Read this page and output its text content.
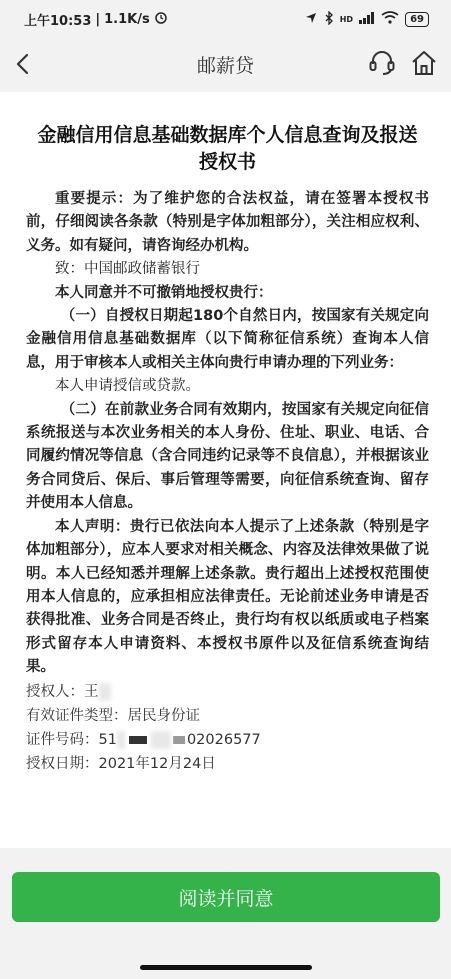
上午10:53 | 1.1K/s	HD	69
邮薪贷
金融信用信息基础数据库个人信息查询及报送授权书

重要提示：为了维护您的合法权益，请在签署本授权书前，仔细阅读各条款（特别是字体加粗部分），关注相应权利、义务。如有疑问，请咨询经办机构。

致：中国邮政储蓄银行

本人同意并不可撤销地授权贵行：

（一）自授权日期起180个自然日内，按国家有关规定向金融信用信息基础数据库（以下简称征信系统）查询本人信息，用于审核本人或相关主体向贵行申请办理的下列业务：

本人申请授信或贷款。

（二）在前款业务合同有效期内，按国家有关规定向征信系统报送与本次业务相关的本人身份、住址、职业、电话、合同履约情况等信息（含合同违约记录等不良信息），并根据该业务合同贷后、保后、事后管理等需要，向征信系统查询、留存并使用本人信息。

本人声明：贵行已依法向本人提示了上述条款（特别是字体加粗部分），应本人要求对相关概念、内容及法律效果做了说明。本人已经知悉并理解上述条款。贵行超出上述授权范围使用本人信息的，应承担相应法律责任。无论前述业务申请是否获得批准、业务合同是否终止，贵行均有权以纸质或电子档案形式留存本人申请资料、本授权书原件以及征信系统查询结果。

授权人：王

有效证件类型：居民身份证

证件号码：51	02026577

授权日期：2021年12月24日

阅读并同意
